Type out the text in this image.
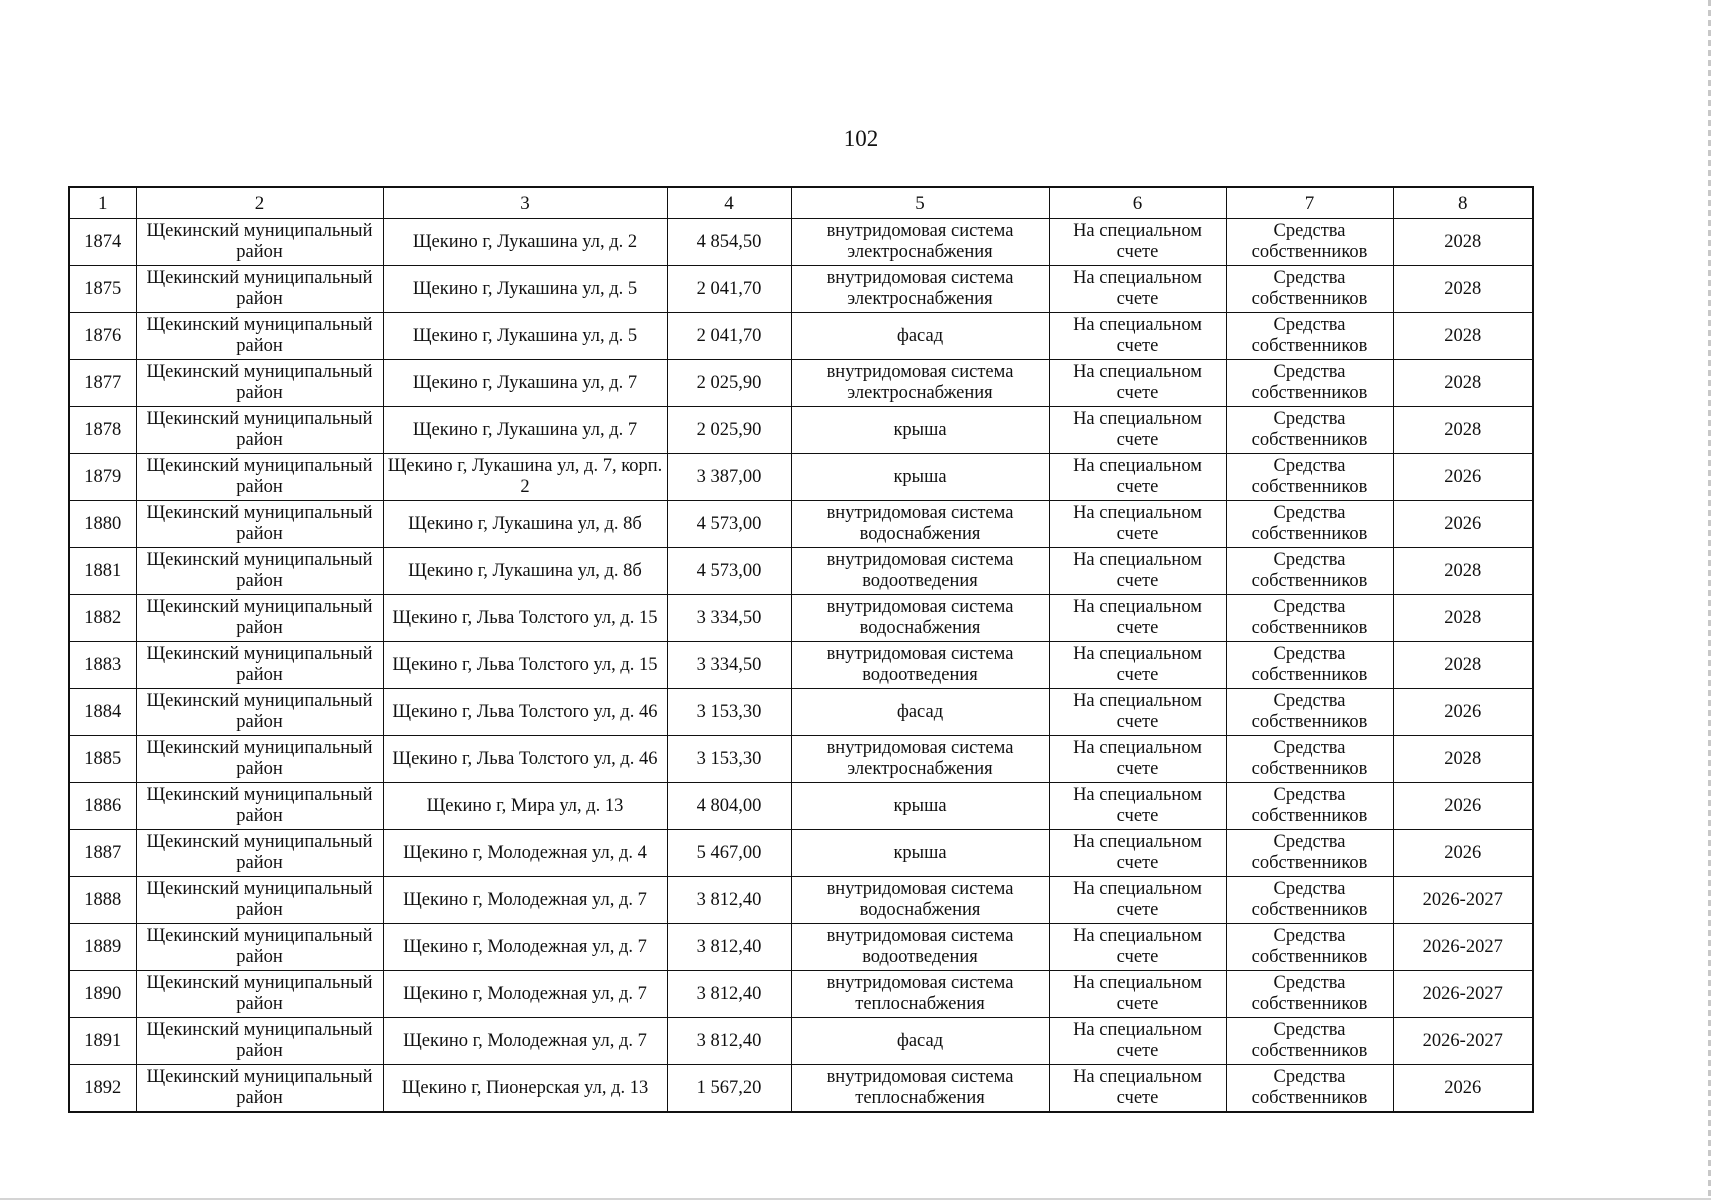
102
1	2	3	4	5	6	7	8
1874	Щекинский муниципальный район	Щекино г, Лукашина ул, д. 2	4 854,50	внутридомовая система электроснабжения	На специальном счете	Средства собственников	2028
1875	Щекинский муниципальный район	Щекино г, Лукашина ул, д. 5	2 041,70	внутридомовая система электроснабжения	На специальном счете	Средства собственников	2028
1876	Щекинский муниципальный район	Щекино г, Лукашина ул, д. 5	2 041,70	фасад	На специальном счете	Средства собственников	2028
1877	Щекинский муниципальный район	Щекино г, Лукашина ул, д. 7	2 025,90	внутридомовая система электроснабжения	На специальном счете	Средства собственников	2028
1878	Щекинский муниципальный район	Щекино г, Лукашина ул, д. 7	2 025,90	крыша	На специальном счете	Средства собственников	2028
1879	Щекинский муниципальный район	Щекино г, Лукашина ул, д. 7, корп. 2	3 387,00	крыша	На специальном счете	Средства собственников	2026
1880	Щекинский муниципальный район	Щекино г, Лукашина ул, д. 8б	4 573,00	внутридомовая система водоснабжения	На специальном счете	Средства собственников	2026
1881	Щекинский муниципальный район	Щекино г, Лукашина ул, д. 8б	4 573,00	внутридомовая система водоотведения	На специальном счете	Средства собственников	2028
1882	Щекинский муниципальный район	Щекино г, Льва Толстого ул, д. 15	3 334,50	внутридомовая система водоснабжения	На специальном счете	Средства собственников	2028
1883	Щекинский муниципальный район	Щекино г, Льва Толстого ул, д. 15	3 334,50	внутридомовая система водоотведения	На специальном счете	Средства собственников	2028
1884	Щекинский муниципальный район	Щекино г, Льва Толстого ул, д. 46	3 153,30	фасад	На специальном счете	Средства собственников	2026
1885	Щекинский муниципальный район	Щекино г, Льва Толстого ул, д. 46	3 153,30	внутридомовая система электроснабжения	На специальном счете	Средства собственников	2028
1886	Щекинский муниципальный район	Щекино г, Мира ул, д. 13	4 804,00	крыша	На специальном счете	Средства собственников	2026
1887	Щекинский муниципальный район	Щекино г, Молодежная ул, д. 4	5 467,00	крыша	На специальном счете	Средства собственников	2026
1888	Щекинский муниципальный район	Щекино г, Молодежная ул, д. 7	3 812,40	внутридомовая система водоснабжения	На специальном счете	Средства собственников	2026-2027
1889	Щекинский муниципальный район	Щекино г, Молодежная ул, д. 7	3 812,40	внутридомовая система водоотведения	На специальном счете	Средства собственников	2026-2027
1890	Щекинский муниципальный район	Щекино г, Молодежная ул, д. 7	3 812,40	внутридомовая система теплоснабжения	На специальном счете	Средства собственников	2026-2027
1891	Щекинский муниципальный район	Щекино г, Молодежная ул, д. 7	3 812,40	фасад	На специальном счете	Средства собственников	2026-2027
1892	Щекинский муниципальный район	Щекино г, Пионерская ул, д. 13	1 567,20	внутридомовая система теплоснабжения	На специальном счете	Средства собственников	2026
